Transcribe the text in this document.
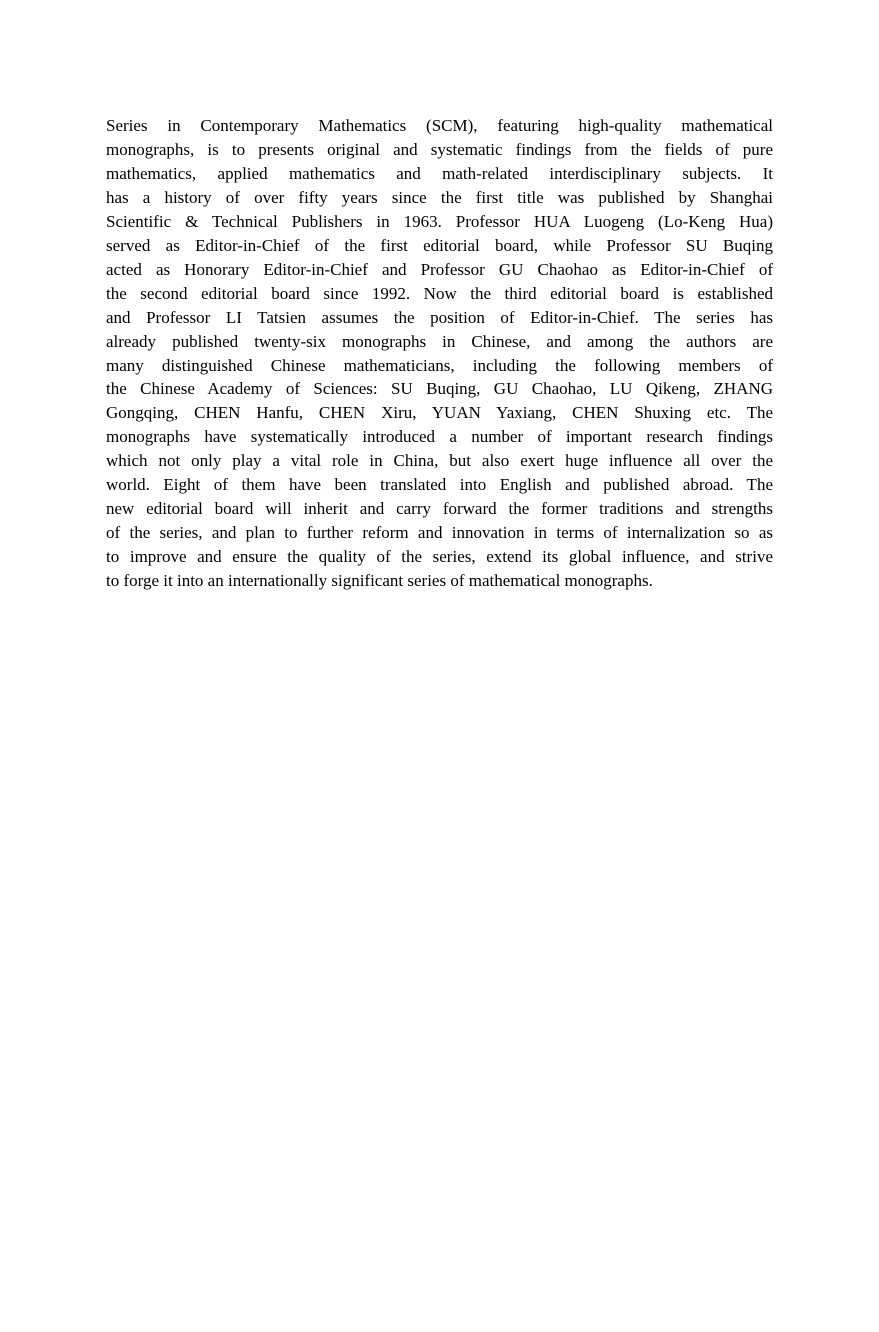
Series in Contemporary Mathematics (SCM), featuring high-quality mathematical
monographs, is to presents original and systematic findings from the fields of pure
mathematics, applied mathematics and math-related interdisciplinary subjects. It
has a history of over fifty years since the first title was published by Shanghai
Scientific & Technical Publishers in 1963. Professor HUA Luogeng (Lo-Keng Hua)
served as Editor-in-Chief of the first editorial board, while Professor SU Buqing
acted as Honorary Editor-in-Chief and Professor GU Chaohao as Editor-in-Chief of
the second editorial board since 1992. Now the third editorial board is established
and Professor LI Tatsien assumes the position of Editor-in-Chief. The series has
already published twenty-six monographs in Chinese, and among the authors are
many distinguished Chinese mathematicians, including the following members of
the Chinese Academy of Sciences: SU Buqing, GU Chaohao, LU Qikeng, ZHANG
Gongqing, CHEN Hanfu, CHEN Xiru, YUAN Yaxiang, CHEN Shuxing etc. The
monographs have systematically introduced a number of important research findings
which not only play a vital role in China, but also exert huge influence all over the
world. Eight of them have been translated into English and published abroad. The
new editorial board will inherit and carry forward the former traditions and strengths
of the series, and plan to further reform and innovation in terms of internalization so as
to improve and ensure the quality of the series, extend its global influence, and strive
to forge it into an internationally significant series of mathematical monographs.
